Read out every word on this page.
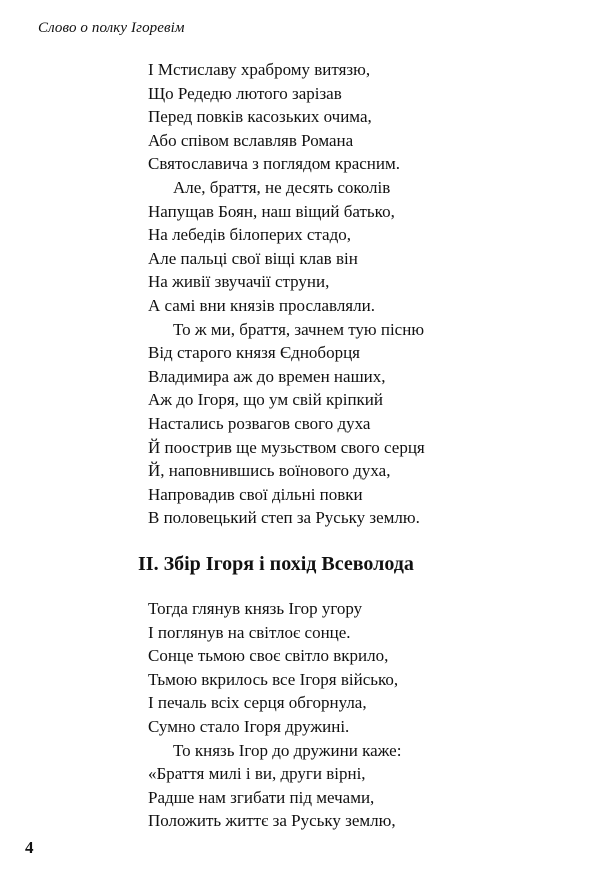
Слово о полку Ігоревім
І Мстиславу храброму витязю,
Що Редедю лютого зарізав
Перед повків касозьких очима,
Або співом вславляв Романа
Святославича з поглядом красним.
Але, браття, не десять соколів
Напущав Боян, наш віщий батько,
На лебедів білоперих стадо,
Але пальці свої віщі клав він
На живії звучачії струни,
А самі вни князів прославляли.
То ж ми, браття, зачнем тую пісню
Від старого князя Єдноборця
Владимира аж до времен наших,
Аж до Ігоря, що ум свій кріпкий
Настались розвагов свого духа
Й поострив ще музьством свого серця
Й, наповнившись воїнового духа,
Напровадив свої дільні повки
В половецький степ за Руську землю.
II. Збір Ігоря і похід Всеволода
Тогда глянув князь Ігор угору
І поглянув на світлоє сонце.
Сонце тьмою своє світло вкрило,
Тьмою вкрилось все Ігоря військо,
І печаль всіх серця обгорнула,
Сумно стало Ігоря дружині.
То князь Ігор до дружини каже:
«Браття милі і ви, други вірні,
Радше нам згибати під мечами,
Положить життє за Руську землю,
4
